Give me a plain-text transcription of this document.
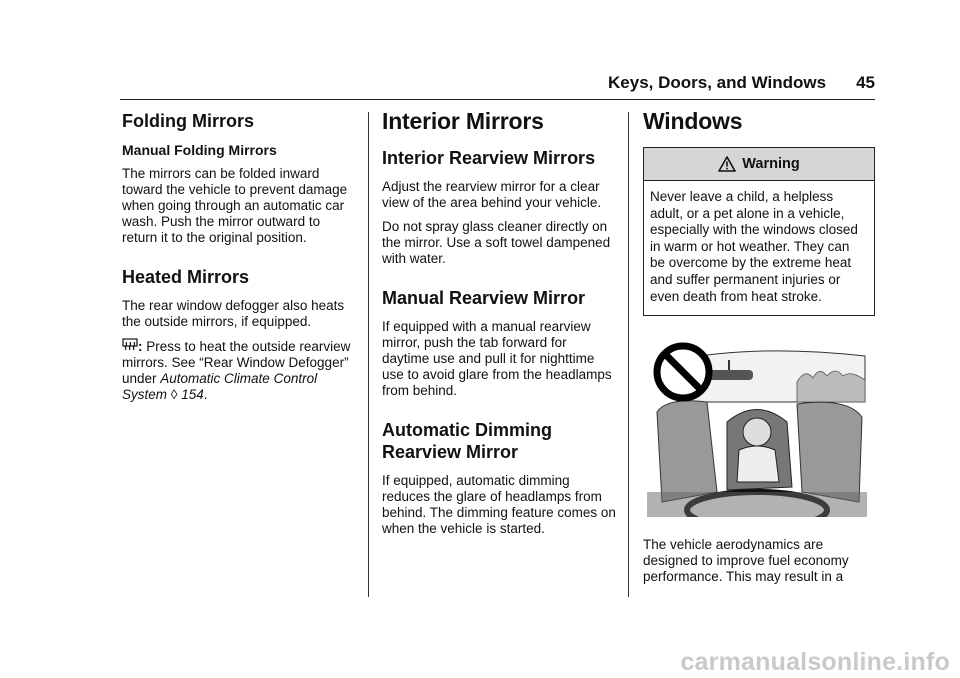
Keys, Doors, and Windows 45
Folding Mirrors
Manual Folding Mirrors

The mirrors can be folded inward toward the vehicle to prevent damage when going through an automatic car wash. Push the mirror outward to return it to the original position.

Heated Mirrors

The rear window defogger also heats the outside mirrors, if equipped.

: Press to heat the outside rearview mirrors. See “Rear Window Defogger” under Automatic Climate Control System ◊ 154.

Interior Mirrors
Interior Rearview Mirrors

Adjust the rearview mirror for a clear view of the area behind your vehicle.

Do not spray glass cleaner directly on the mirror. Use a soft towel dampened with water.

Manual Rearview Mirror

If equipped with a manual rearview mirror, push the tab forward for daytime use and pull it for nighttime use to avoid glare from the headlamps from behind.

Automatic Dimming Rearview Mirror

If equipped, automatic dimming reduces the glare of headlamps from behind. The dimming feature comes on when the vehicle is started.

Windows
Warning
Never leave a child, a helpless adult, or a pet alone in a vehicle, especially with the windows closed in warm or hot weather. They can be overcome by the extreme heat and suffer permanent injuries or even death from heat stroke.

The vehicle aerodynamics are designed to improve fuel economy performance. This may result in a

carmanualsonline.info
